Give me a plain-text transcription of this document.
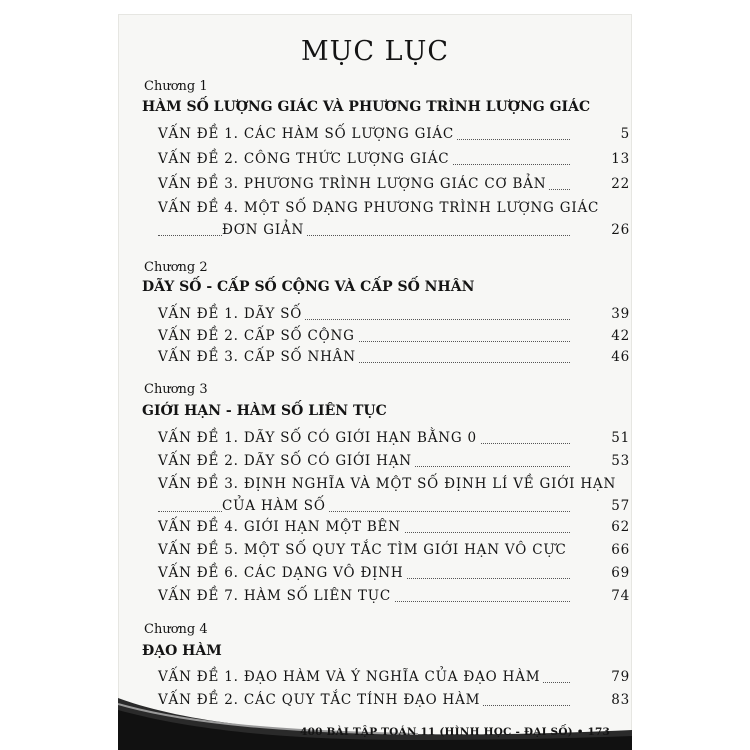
MỤC LỤC
Chương 1
HÀM SỐ LƯỢNG GIÁC VÀ PHƯƠNG TRÌNH LƯỢNG GIÁC
VẤN ĐỀ 1. CÁC HÀM SỐ LƯỢNG GIÁC	5
VẤN ĐỀ 2. CÔNG THỨC LƯỢNG GIÁC	13
VẤN ĐỀ 3. PHƯƠNG TRÌNH LƯỢNG GIÁC CƠ BẢN	22
VẤN ĐỀ 4. MỘT SỐ DẠNG PHƯƠNG TRÌNH LƯỢNG GIÁC
ĐƠN GIẢN	26
Chương 2
DÃY SỐ - CẤP SỐ CỘNG VÀ CẤP SỐ NHÂN
VẤN ĐỀ 1. DÃY SỐ	39
VẤN ĐỀ 2. CẤP SỐ CỘNG	42
VẤN ĐỀ 3. CẤP SỐ NHÂN	46
Chương 3
GIỚI HẠN - HÀM SỐ LIÊN TỤC
VẤN ĐỀ 1. DÃY SỐ CÓ GIỚI HẠN BẰNG 0	51
VẤN ĐỀ 2. DÃY SỐ CÓ GIỚI HẠN	53
VẤN ĐỀ 3. ĐỊNH NGHĨA VÀ MỘT SỐ ĐỊNH LÍ VỀ GIỚI HẠN
CỦA HÀM SỐ	57
VẤN ĐỀ 4. GIỚI HẠN MỘT BÊN	62
VẤN ĐỀ 5. MỘT SỐ QUY TẮC TÌM GIỚI HẠN VÔ CỰC	66
VẤN ĐỀ 6. CÁC DẠNG VÔ ĐỊNH	69
VẤN ĐỀ 7. HÀM SỐ LIÊN TỤC	74
Chương 4
ĐẠO HÀM
VẤN ĐỀ 1. ĐẠO HÀM VÀ Ý NGHĨA CỦA ĐẠO HÀM	79
VẤN ĐỀ 2. CÁC QUY TẮC TÍNH ĐẠO HÀM	83
400 BÀI TẬP TOÁN 11 (HÌNH HỌC - ĐẠI SỐ) • 173
